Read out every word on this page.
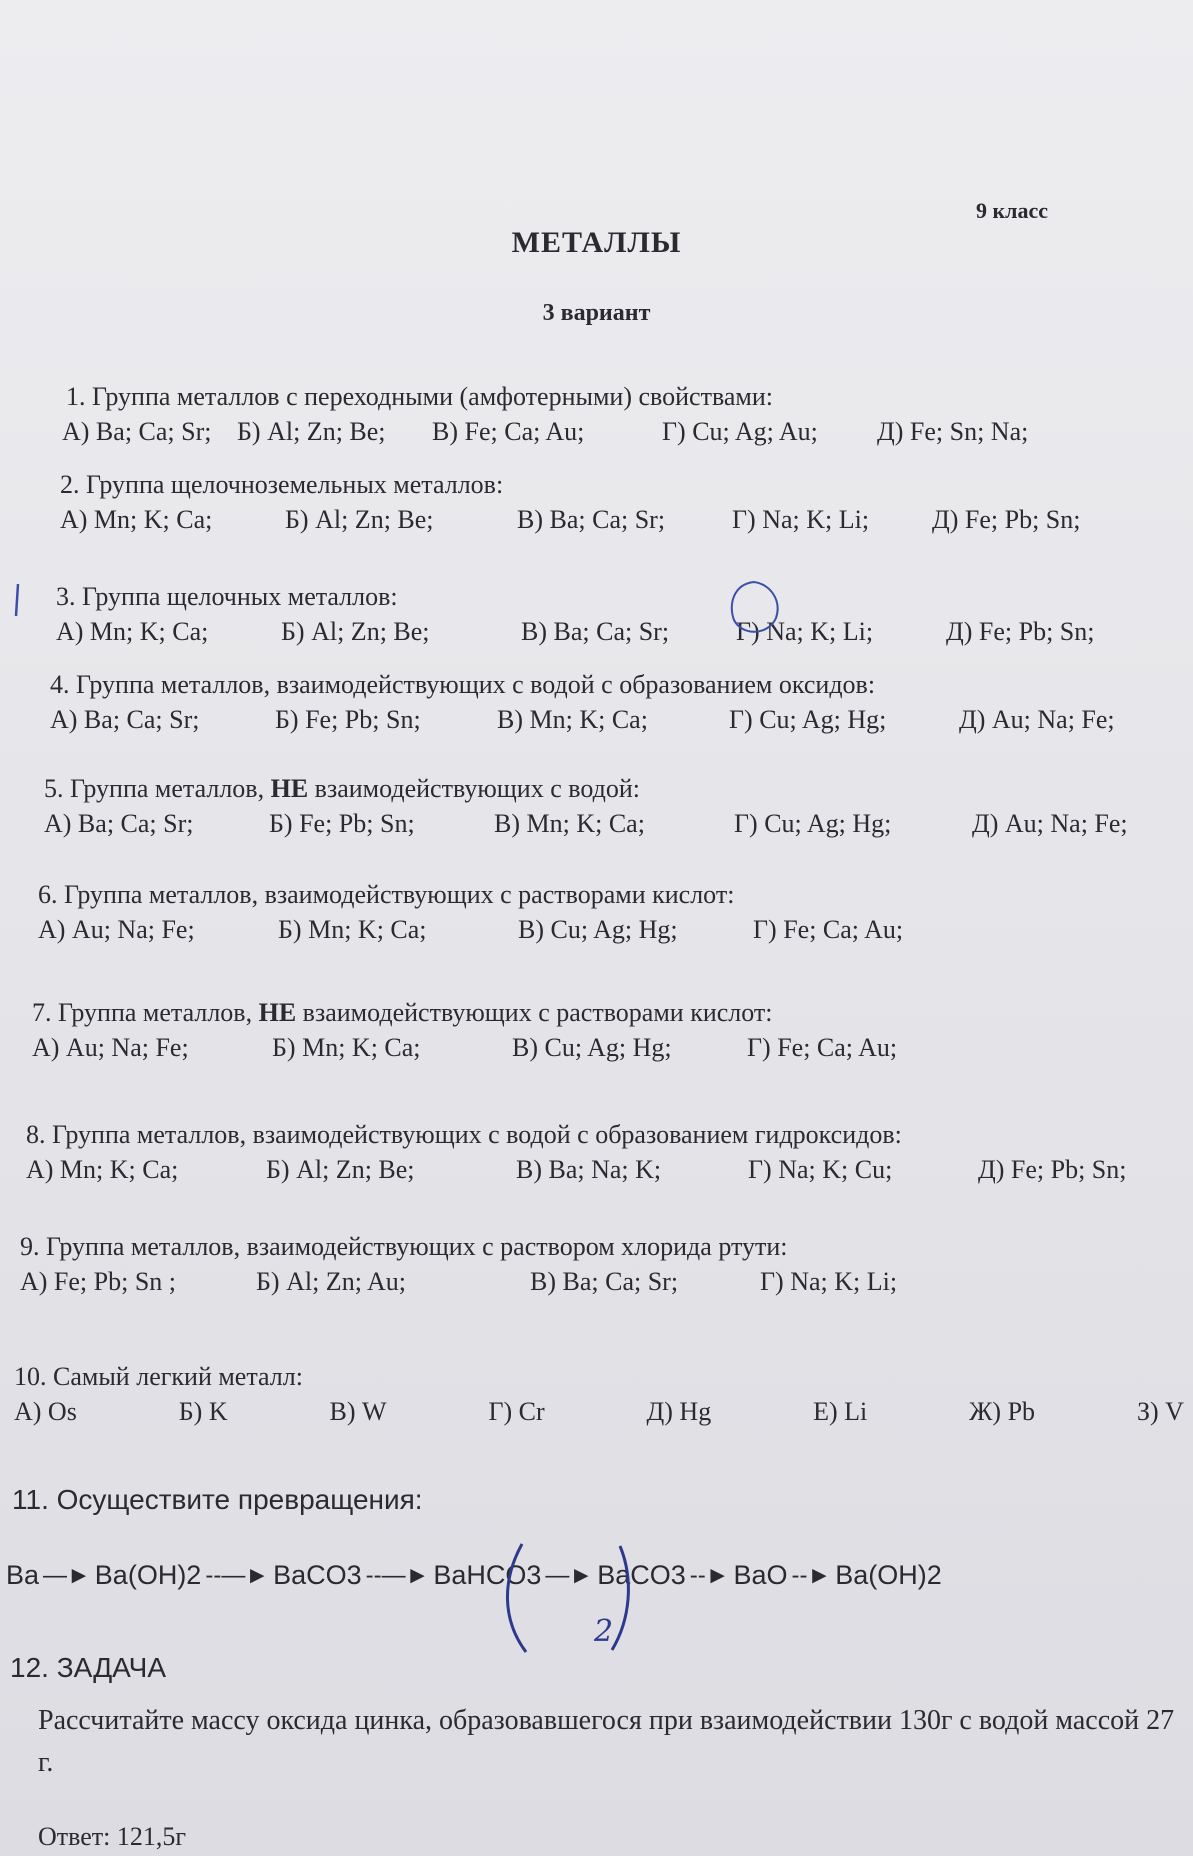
9 класс
МЕТАЛЛЫ
3 вариант
1. Группа металлов с переходными (амфотерными) свойствами:
А) Ba; Ca; Sr; Б) Al; Zn; Be;	В) Fe; Ca; Au;	Г) Cu; Ag; Au;	Д) Fe; Sn; Na;
2. Группа щелочноземельных металлов:
А) Mn; K; Ca;	Б) Al; Zn; Be;	В) Ba; Ca; Sr;	Г) Na; K; Li;	Д) Fe; Pb; Sn;
3. Группа щелочных металлов:
А) Mn; K; Ca;	Б) Al; Zn; Be;	В) Ba; Ca; Sr;	Г) Na; K; Li;	Д) Fe; Pb; Sn;
4. Группа металлов, взаимодействующих с водой с образованием оксидов:
А) Ba; Ca; Sr;	Б) Fe; Pb; Sn;	В) Mn; K; Ca;	Г) Cu; Ag; Hg;	Д) Au; Na; Fe;
5. Группа металлов, НЕ взаимодействующих с водой:
А) Ba; Ca; Sr;	Б) Fe; Pb; Sn;	В) Mn; K; Ca;	Г) Cu; Ag; Hg;	Д) Au; Na; Fe;
6. Группа металлов, взаимодействующих с растворами кислот:
А) Au; Na; Fe;	Б) Mn; K; Ca;	В) Cu; Ag; Hg;	Г) Fe; Ca; Au;
7. Группа металлов, НЕ взаимодействующих с растворами кислот:
А) Au; Na; Fe;	Б) Mn; K; Ca;	В) Cu; Ag; Hg;	Г) Fe; Ca; Au;
8. Группа металлов, взаимодействующих с водой с образованием гидроксидов:
А) Mn; K; Ca;	Б) Al; Zn; Be;	В) Ba; Na; K;	Г) Na; K; Cu;	Д) Fe; Pb; Sn;
9. Группа металлов, взаимодействующих с раствором хлорида ртути:
А) Fe; Pb; Sn ;	Б) Al; Zn; Au;	В) Ba; Ca; Sr;	Г) Na; K; Li;
10. Самый легкий металл:
А) Os	Б) K	В) W	Г) Cr	Д) Hg	Е) Li	Ж) Pb	З) V
11. Осуществите превращения:
Ba —► Ba(OH)2 --—► BaCO3 --—► BaHCO3 —► BaCO3 --► BaO --► Ba(OH)2
2
12. ЗАДАЧА
Рассчитайте массу оксида цинка, образовавшегося при взаимодействии 130г с водой массой 27 г.
Ответ: 121,5г
